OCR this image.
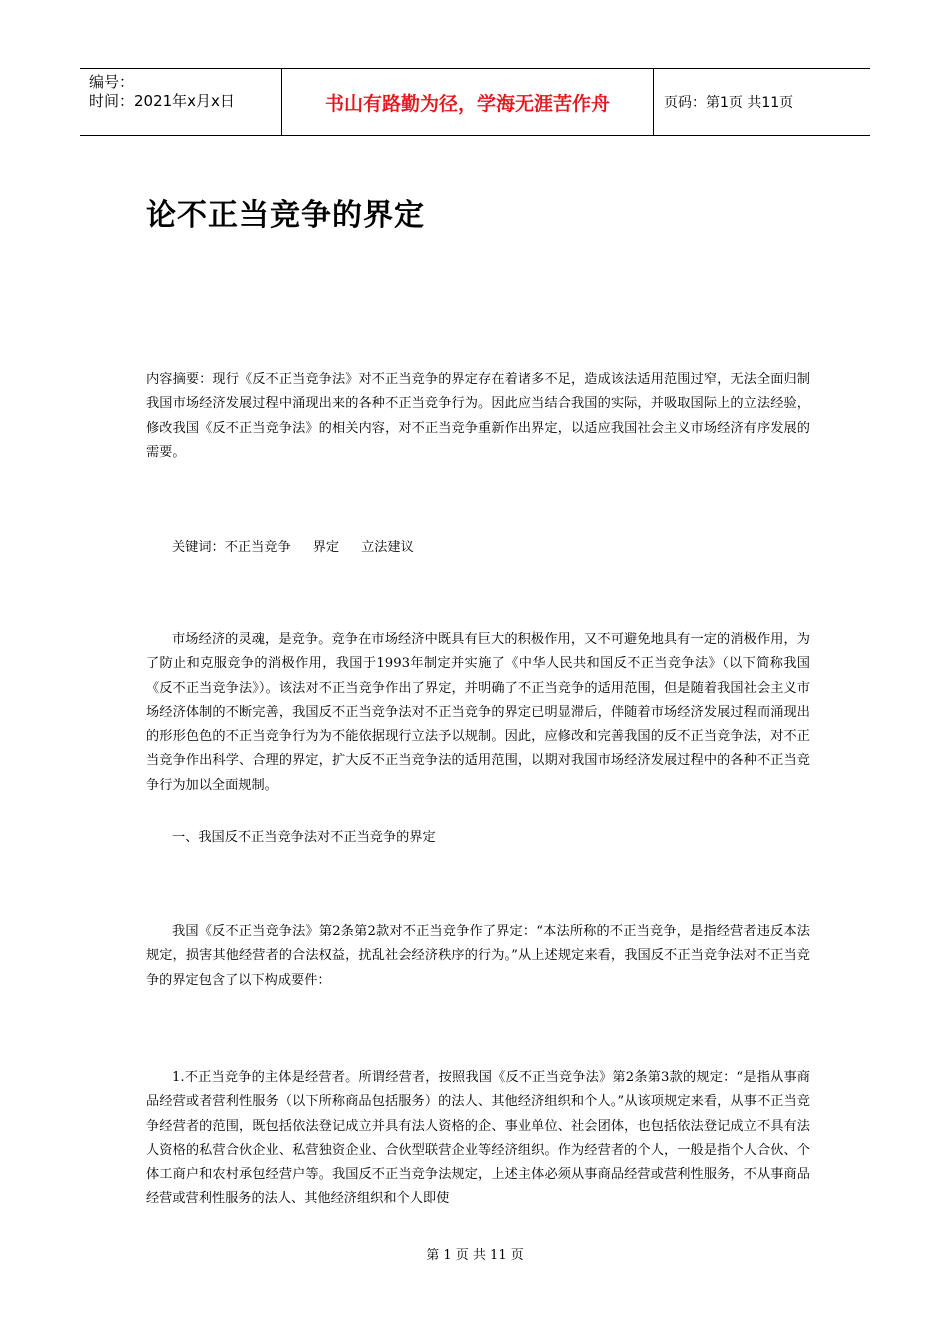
编号：
时间：2021年x月x日	书山有路勤为径，学海无涯苦作舟	页码：第1页 共11页
论不正当竞争的界定
内容摘要：现行《反不正当竞争法》对不正当竞争的界定存在着诸多不足，造成该法适用范围过窄，无法全面归制我国市场经济发展过程中涌现出来的各种不正当竞争行为。因此应当结合我国的实际，并吸取国际上的立法经验，修改我国《反不正当竞争法》的相关内容，对不正当竞争重新作出界定，以适应我国社会主义市场经济有序发展的需要。
关键词：不正当竞争 界定 立法建议
市场经济的灵魂，是竞争。竞争在市场经济中既具有巨大的积极作用，又不可避免地具有一定的消极作用，为了防止和克服竞争的消极作用，我国于1993年制定并实施了《中华人民共和国反不正当竞争法》（以下简称我国《反不正当竞争法》）。该法对不正当竞争作出了界定，并明确了不正当竞争的适用范围，但是随着我国社会主义市场经济体制的不断完善，我国反不正当竞争法对不正当竞争的界定已明显滞后，伴随着市场经济发展过程而涌现出的形形色色的不正当竞争行为为不能依据现行立法予以规制。因此，应修改和完善我国的反不正当竞争法，对不正当竞争作出科学、合理的界定，扩大反不正当竞争法的适用范围，以期对我国市场经济发展过程中的各种不正当竞争行为加以全面规制。
一、我国反不正当竞争法对不正当竞争的界定
我国《反不正当竞争法》第2条第2款对不正当竞争作了界定：“本法所称的不正当竞争，是指经营者违反本法规定，损害其他经营者的合法权益，扰乱社会经济秩序的行为。”从上述规定来看，我国反不正当竞争法对不正当竞争的界定包含了以下构成要件：
1.不正当竞争的主体是经营者。所谓经营者，按照我国《反不正当竞争法》第2条第3款的规定：“是指从事商品经营或者营利性服务（以下所称商品包括服务）的法人、其他经济组织和个人。”从该项规定来看，从事不正当竞争经营者的范围，既包括依法登记成立并具有法人资格的企、事业单位、社会团体，也包括依法登记成立不具有法人资格的私营合伙企业、私营独资企业、合伙型联营企业等经济组织。作为经营者的个人，一般是指个人合伙、个体工商户和农村承包经营户等。我国反不正当竞争法规定，上述主体必须从事商品经营或营利性服务，不从事商品经营或营利性服务的法人、其他经济组织和个人即使
第 1 页 共 11 页
